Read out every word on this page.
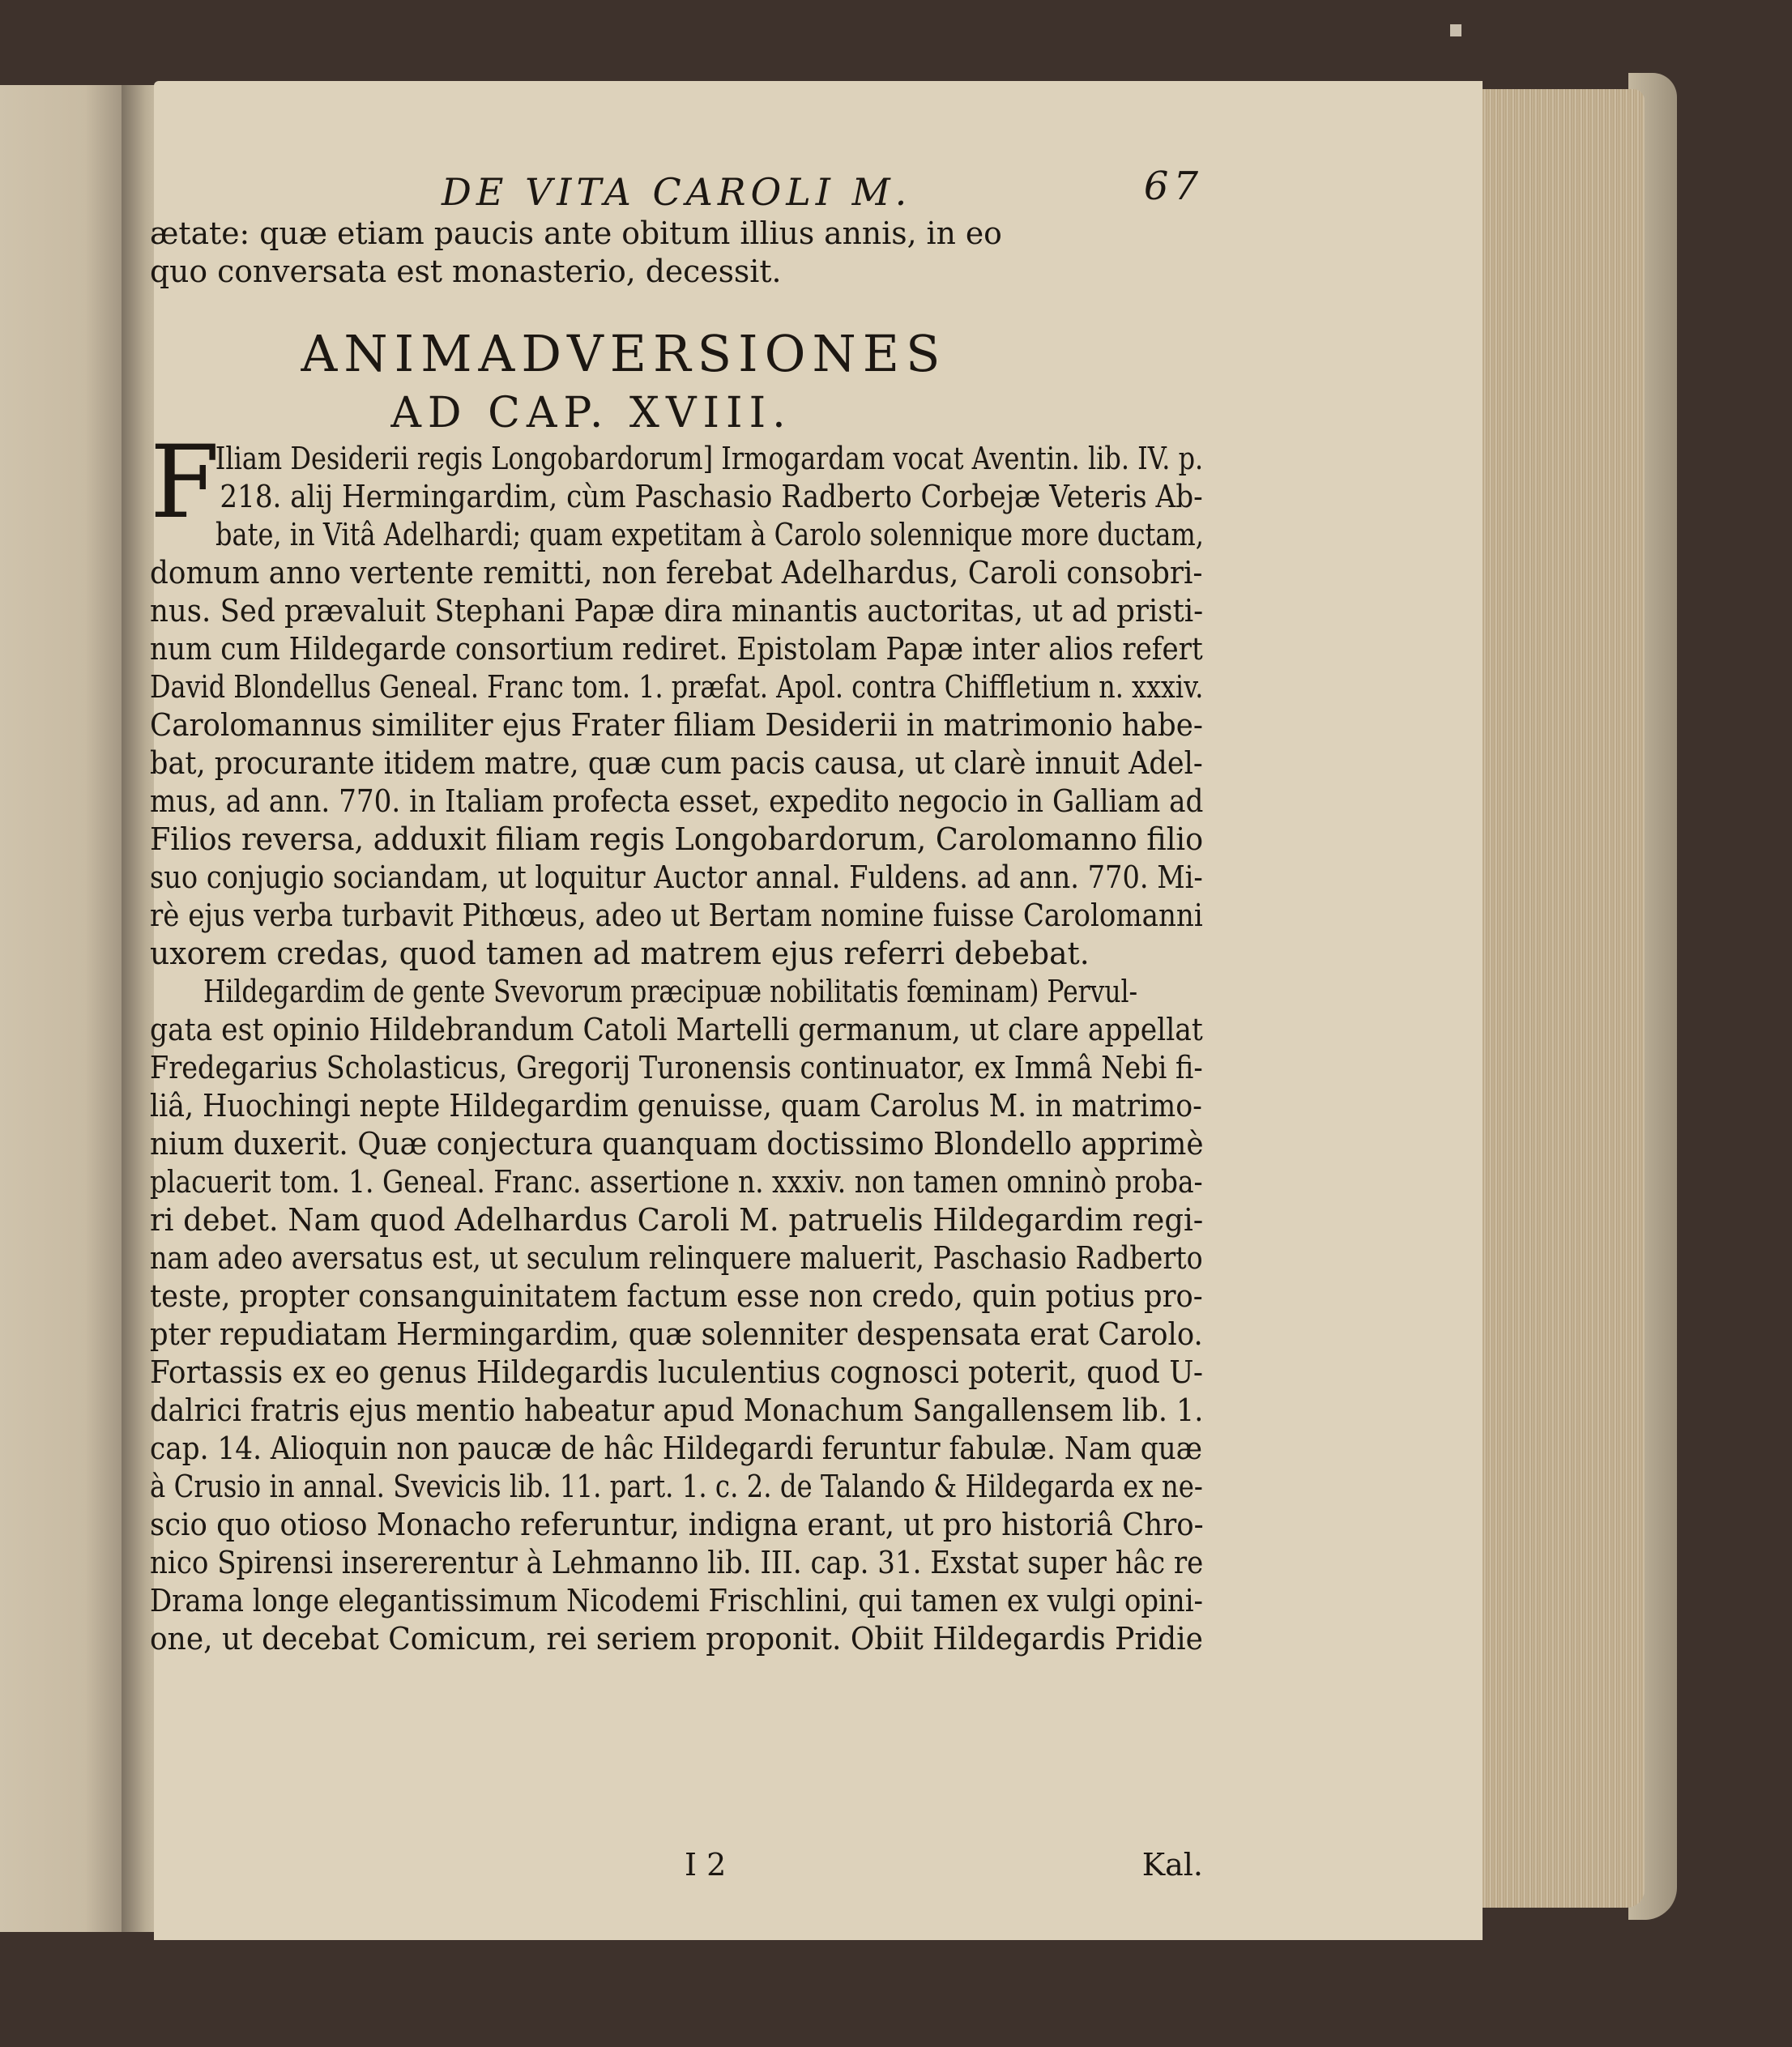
DE VITA CAROLI M.	67
ætate: quæ etiam paucis ante obitum illius annis, in eo
quo conversata est monasterio, decessit.
ANIMADVERSIONES
AD CAP. XVIII.
F
Iliam Desiderii regis Longobardorum] Irmogardam vocat Aventin. lib. IV. p.
218. alij Hermingardim, cùm Paschasio Radberto Corbejæ Veteris Ab-
bate, in Vitâ Adelhardi; quam expetitam à Carolo solennique more ductam,
domum anno vertente remitti, non ferebat Adelhardus, Caroli consobri-
nus. Sed prævaluit Stephani Papæ dira minantis auctoritas, ut ad pristi-
num cum Hildegarde consortium rediret. Epistolam Papæ inter alios refert
David Blondellus Geneal. Franc tom. 1. præfat. Apol. contra Chiffletium n. xxxiv.
Carolomannus similiter ejus Frater filiam Desiderii in matrimonio habe-
bat, procurante itidem matre, quæ cum pacis causa, ut clarè innuit Adel-
mus, ad ann. 770. in Italiam profecta esset, expedito negocio in Galliam ad
Filios reversa, adduxit filiam regis Longobardorum, Carolomanno filio
suo conjugio sociandam, ut loquitur Auctor annal. Fuldens. ad ann. 770. Mi-
rè ejus verba turbavit Pithœus, adeo ut Bertam nomine fuisse Carolomanni
uxorem credas, quod tamen ad matrem ejus referri debebat.
Hildegardim de gente Svevorum præcipuæ nobilitatis fœminam) Pervul-
gata est opinio Hildebrandum Catoli Martelli germanum, ut clare appellat
Fredegarius Scholasticus, Gregorij Turonensis continuator, ex Immâ Nebi fi-
liâ, Huochingi nepte Hildegardim genuisse, quam Carolus M. in matrimo-
nium duxerit. Quæ conjectura quanquam doctissimo Blondello apprimè
placuerit tom. 1. Geneal. Franc. assertione n. xxxiv. non tamen omninò proba-
ri debet. Nam quod Adelhardus Caroli M. patruelis Hildegardim regi-
nam adeo aversatus est, ut seculum relinquere maluerit, Paschasio Radberto
teste, propter consanguinitatem factum esse non credo, quin potius pro-
pter repudiatam Hermingardim, quæ solenniter despensata erat Carolo.
Fortassis ex eo genus Hildegardis luculentius cognosci poterit, quod U-
dalrici fratris ejus mentio habeatur apud Monachum Sangallensem lib. 1.
cap. 14. Alioquin non paucæ de hâc Hildegardi feruntur fabulæ. Nam quæ
à Crusio in annal. Svevicis lib. 11. part. 1. c. 2. de Talando & Hildegarda ex ne-
scio quo otioso Monacho referuntur, indigna erant, ut pro historiâ Chro-
nico Spirensi insererentur à Lehmanno lib. III. cap. 31. Exstat super hâc re
Drama longe elegantissimum Nicodemi Frischlini, qui tamen ex vulgi opini-
one, ut decebat Comicum, rei seriem proponit. Obiit Hildegardis Pridie
I 2	Kal.
